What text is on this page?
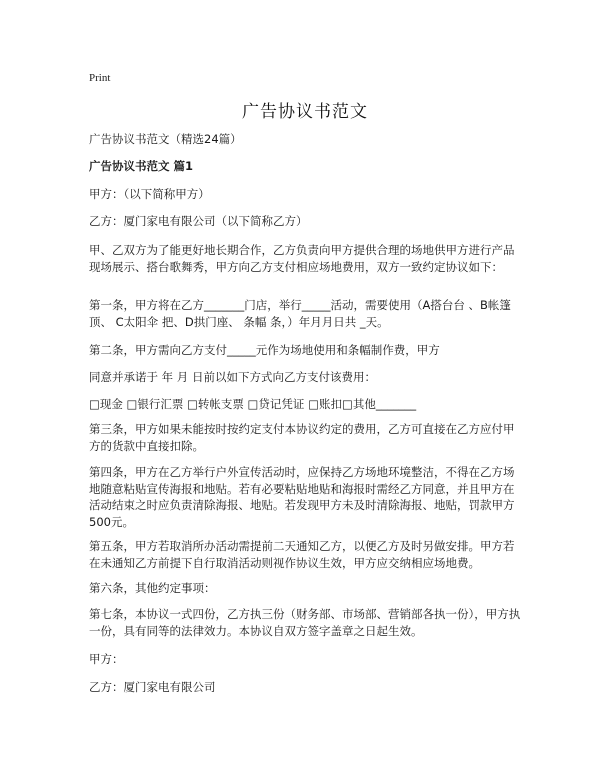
Print
广告协议书范文

广告协议书范文（精选24篇）

广告协议书范文 篇1

甲方：（以下简称甲方）

乙方：厦门家电有限公司（以下简称乙方）

甲、乙双方为了能更好地长期合作，乙方负责向甲方提供合理的场地供甲方进行产品现场展示、搭台歌舞秀，甲方向乙方支付相应场地费用，双方一致约定协议如下：

第一条，甲方将在乙方_______门店，举行_____活动，需要使用（A搭台台 、B帐篷 顶、 C太阳伞 把、D拱门座、 条幅 条，）年月月日共 _天。

第二条，甲方需向乙方支付_____元作为场地使用和条幅制作费，甲方

同意并承诺于 年 月 日前以如下方式向乙方支付该费用：

□现金 □银行汇票 □转帐支票 □贷记凭证 □账扣□其他_______

第三条，甲方如果未能按时按约定支付本协议约定的费用，乙方可直接在乙方应付甲方的货款中直接扣除。

第四条，甲方在乙方举行户外宣传活动时，应保持乙方场地环境整洁，不得在乙方场地随意粘贴宣传海报和地贴。若有必要粘贴地贴和海报时需经乙方同意，并且甲方在活动结束之时应负责清除海报、地贴。若发现甲方未及时清除海报、地贴，罚款甲方500元。

第五条，甲方若取消所办活动需提前二天通知乙方，以便乙方及时另做安排。甲方若在未通知乙方前提下自行取消活动则视作协议生效，甲方应交纳相应场地费。

第六条，其他约定事项：

第七条，本协议一式四份，乙方执三份（财务部、市场部、营销部各执一份），甲方执一份，具有同等的法律效力。本协议自双方签字盖章之日起生效。

甲方：

乙方：厦门家电有限公司
